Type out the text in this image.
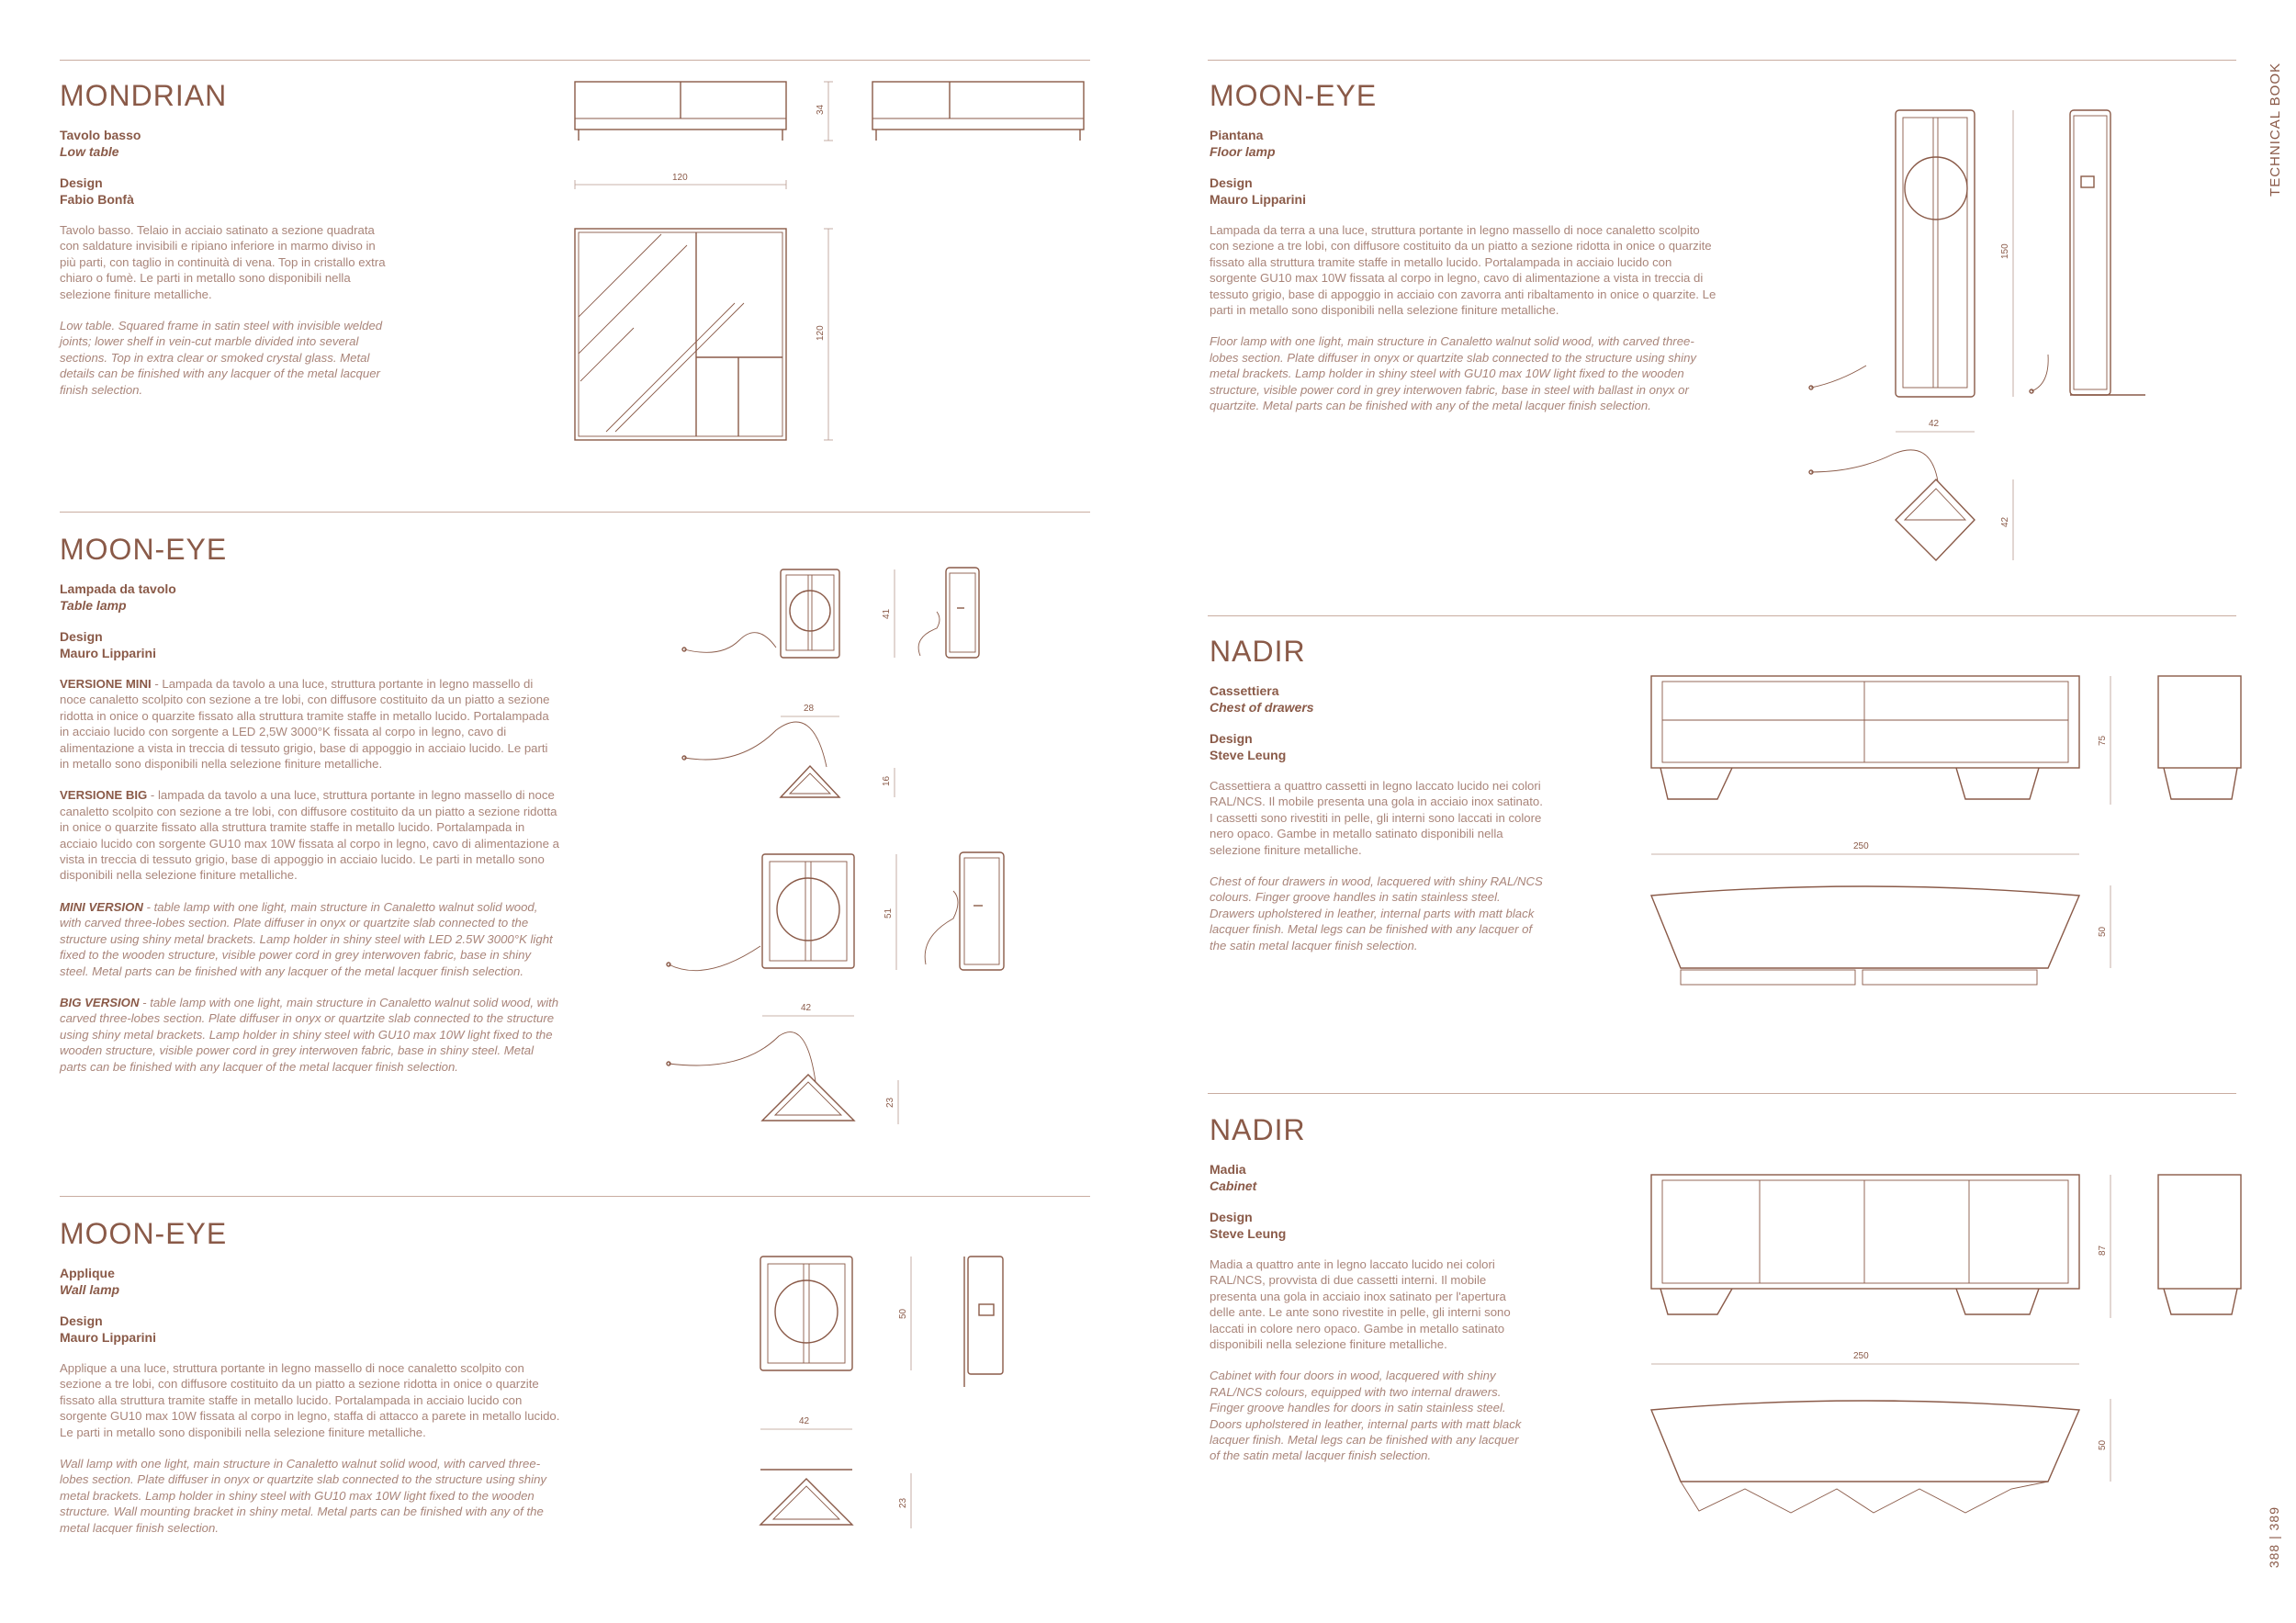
TECHNICAL BOOK
388 | 389
MONDRIAN
Tavolo basso
Low table
Design
Fabio Bonfà

Tavolo basso. Telaio in acciaio satinato a sezione quadrata con saldature invisibili e ripiano inferiore in marmo diviso in più parti, con taglio in continuità di vena. Top in cristallo extra chiaro o fumè. Le parti in metallo sono disponibili nella selezione finiture metalliche.

Low table. Squared frame in satin steel with invisible welded joints; lower shelf in vein-cut marble divided into several sections. Top in extra clear or smoked crystal glass. Metal details can be finished with any lacquer of the metal lacquer finish selection.

34
120
120
MOON-EYE
Lampada da tavolo
Table lamp
Design
Mauro Lipparini

VERSIONE MINI - Lampada da tavolo a una luce, struttura portante in legno massello di noce canaletto scolpito con sezione a tre lobi, con diffusore costituito da un piatto a sezione ridotta in onice o quarzite fissato alla struttura tramite staffe in metallo lucido. Portalampada in acciaio lucido con sorgente a LED 2,5W 3000°K fissata al corpo in legno, cavo di alimentazione a vista in treccia di tessuto grigio, base di appoggio in acciaio lucido. Le parti in metallo sono disponibili nella selezione finiture metalliche.

VERSIONE BIG - lampada da tavolo a una luce, struttura portante in legno massello di noce canaletto scolpito con sezione a tre lobi, con diffusore costituito da un piatto a sezione ridotta in onice o quarzite fissato alla struttura tramite staffe in metallo lucido. Portalampada in acciaio lucido con sorgente GU10 max 10W fissata al corpo in legno, cavo di alimentazione a vista in treccia di tessuto grigio, base di appoggio in acciaio lucido. Le parti in metallo sono disponibili nella selezione finiture metalliche.

MINI VERSION - table lamp with one light, main structure in Canaletto walnut solid wood, with carved three-lobes section. Plate diffuser in onyx or quartzite slab connected to the structure using shiny metal brackets. Lamp holder in shiny steel with LED 2.5W 3000°K light fixed to the wooden structure, visible power cord in grey interwoven fabric, base in shiny steel. Metal parts can be finished with any lacquer of the metal lacquer finish selection.

BIG VERSION - table lamp with one light, main structure in Canaletto walnut solid wood, with carved three-lobes section. Plate diffuser in onyx or quartzite slab connected to the structure using shiny metal brackets. Lamp holder in shiny steel with GU10 max 10W light fixed to the wooden structure, visible power cord in grey interwoven fabric, base in shiny steel. Metal parts can be finished with any lacquer of the metal lacquer finish selection.

41
28
16
51
42
23
MOON-EYE
Applique
Wall lamp
Design
Mauro Lipparini

Applique a una luce, struttura portante in legno massello di noce canaletto scolpito con sezione a tre lobi, con diffusore costituito da un piatto a sezione ridotta in onice o quarzite fissato alla struttura tramite staffe in metallo lucido. Portalampada in acciaio lucido con sorgente GU10 max 10W fissata al corpo in legno, staffa di attacco a parete in metallo lucido. Le parti in metallo sono disponibili nella selezione finiture metalliche.

Wall lamp with one light, main structure in Canaletto walnut solid wood, with carved three-lobes section. Plate diffuser in onyx or quartzite slab connected to the structure using shiny metal brackets. Lamp holder in shiny steel with GU10 max 10W light fixed to the wooden structure. Wall mounting bracket in shiny metal. Metal parts can be finished with any of the metal lacquer finish selection.

50
42
23
MOON-EYE
Piantana
Floor lamp
Design
Mauro Lipparini

Lampada da terra a una luce, struttura portante in legno massello di noce canaletto scolpito con sezione a tre lobi, con diffusore costituito da un piatto a sezione ridotta in onice o quarzite fissato alla struttura tramite staffe in metallo lucido. Portalampada in acciaio lucido con sorgente GU10 max 10W fissata al corpo in legno, cavo di alimentazione a vista in treccia di tessuto grigio, base di appoggio in acciaio con zavorra anti ribaltamento in onice o quarzite. Le parti in metallo sono disponibili nella selezione finiture metalliche.

Floor lamp with one light, main structure in Canaletto walnut solid wood, with carved three-lobes section. Plate diffuser in onyx or quartzite slab connected to the structure using shiny metal brackets. Lamp holder in shiny steel with GU10 max 10W light fixed to the wooden structure, visible power cord in grey interwoven fabric, base in steel with ballast in onyx or quartzite. Metal parts can be finished with any of the metal lacquer finish selection.

150
42
42
NADIR
Cassettiera
Chest of drawers
Design
Steve Leung

Cassettiera a quattro cassetti in legno laccato lucido nei colori RAL/NCS. Il mobile presenta una gola in acciaio inox satinato. I cassetti sono rivestiti in pelle, gli interni sono laccati in colore nero opaco. Gambe in metallo satinato disponibili nella selezione finiture metalliche.

Chest of four drawers in wood, lacquered with shiny RAL/NCS colours. Finger groove handles in satin stainless steel. Drawers upholstered in leather, internal parts with matt black lacquer finish. Metal legs can be finished with any lacquer of the satin metal lacquer finish selection.

75
250
50
NADIR
Madia
Cabinet
Design
Steve Leung

Madia a quattro ante in legno laccato lucido nei colori RAL/NCS, provvista di due cassetti interni. Il mobile presenta una gola in acciaio inox satinato per l'apertura delle ante. Le ante sono rivestite in pelle, gli interni sono laccati in colore nero opaco. Gambe in metallo satinato disponibili nella selezione finiture metalliche.

Cabinet with four doors in wood, lacquered with shiny RAL/NCS colours, equipped with two internal drawers. Finger groove handles for doors in satin stainless steel. Doors upholstered in leather, internal parts with matt black lacquer finish. Metal legs can be finished with any lacquer of the satin metal lacquer finish selection.

87
250
50
